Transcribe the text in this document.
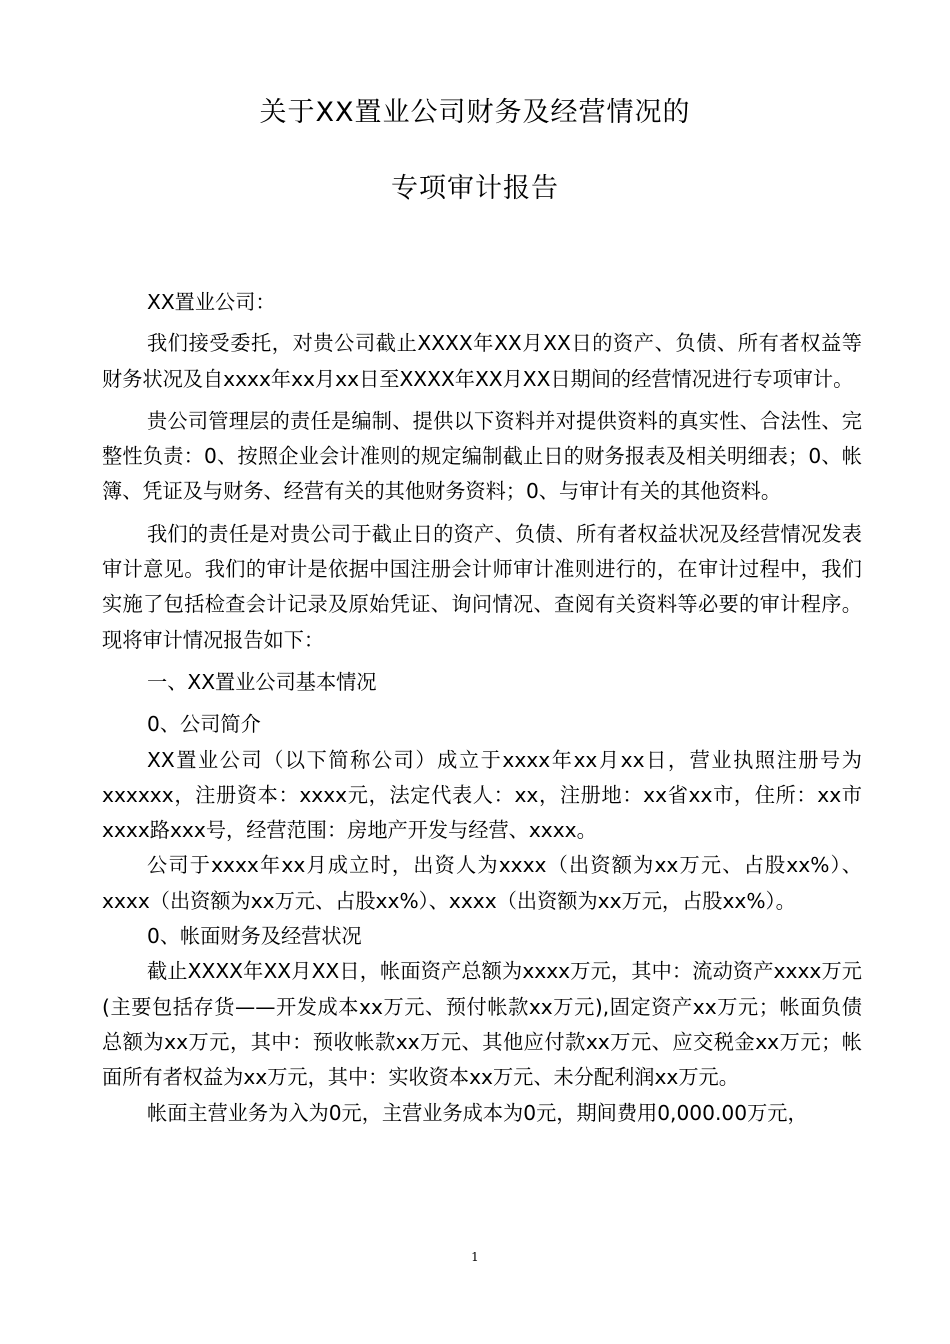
关于XX置业公司财务及经营情况的
专项审计报告

XX置业公司：

我们接受委托，对贵公司截止XXXX年XX月XX日的资产、负债、所有者权益等财务状况及自xxxx年xx月xx日至XXXX年XX月XX日期间的经营情况进行专项审计。

贵公司管理层的责任是编制、提供以下资料并对提供资料的真实性、合法性、完整性负责：0、按照企业会计准则的规定编制截止日的财务报表及相关明细表；0、帐簿、凭证及与财务、经营有关的其他财务资料；0、与审计有关的其他资料。

我们的责任是对贵公司于截止日的资产、负债、所有者权益状况及经营情况发表审计意见。我们的审计是依据中国注册会计师审计准则进行的，在审计过程中，我们实施了包括检查会计记录及原始凭证、询问情况、查阅有关资料等必要的审计程序。现将审计情况报告如下：

一、XX置业公司基本情况

0、公司简介

XX置业公司（以下简称公司）成立于xxxx年xx月xx日，营业执照注册号为xxxxxx，注册资本：xxxx元，法定代表人：xx，注册地：xx省xx市，住所：xx市xxxx路xxx号，经营范围：房地产开发与经营、xxxx。

公司于xxxx年xx月成立时，出资人为xxxx（出资额为xx万元、占股xx%）、xxxx（出资额为xx万元、占股xx%）、xxxx（出资额为xx万元，占股xx%）。

0、帐面财务及经营状况

截止XXXX年XX月XX日，帐面资产总额为xxxx万元，其中：流动资产xxxx万元(主要包括存货——开发成本xx万元、预付帐款xx万元),固定资产xx万元；帐面负债总额为xx万元，其中：预收帐款xx万元、其他应付款xx万元、应交税金xx万元；帐面所有者权益为xx万元，其中：实收资本xx万元、未分配利润xx万元。

帐面主营业务为入为0元，主营业务成本为0元，期间费用0,000.00万元，

1
